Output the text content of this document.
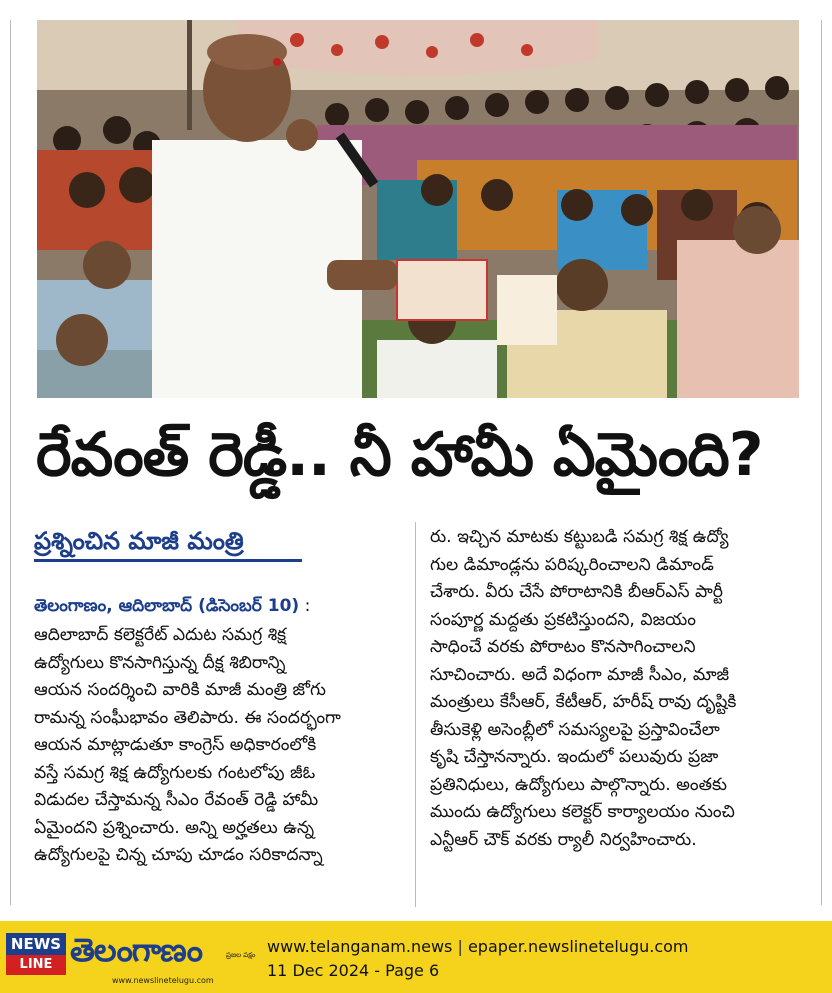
రేవంత్ రెడ్డీ.. నీ హామీ ఏమైంది?
ప్రశ్నించిన మాజీ మంత్రి
తెలంగాణం, ఆదిలాబాద్ (డిసెంబర్ 10) :

ఆదిలాబాద్ కలెక్టరేట్ ఎదుట సమగ్ర శిక్ష

ఉద్యోగులు కొనసాగిస్తున్న దీక్ష శిబిరాన్ని

ఆయన సందర్శించి వారికి మాజీ మంత్రి జోగు

రామన్న సంఘీభావం తెలిపారు. ఈ సందర్భంగా

ఆయన మాట్లాడుతూ కాంగ్రెస్ అధికారంలోకి

వస్తే సమగ్ర శిక్ష ఉద్యోగులకు గంటలోపు జీఓ

విడుదల చేస్తామన్న సీఎం రేవంత్ రెడ్డి హామీ

ఏమైందని ప్రశ్నించారు. అన్ని అర్హతలు ఉన్న

ఉద్యోగులపై చిన్న చూపు చూడం సరికాదన్నా

రు. ఇచ్చిన మాటకు కట్టుబడి సమగ్ర శిక్ష ఉద్యో

గుల డిమాండ్లను పరిష్కరించాలని డిమాండ్

చేశారు. వీరు చేసే పోరాటానికి బీఆర్ఎస్ పార్టీ

సంపూర్ణ మద్దతు ప్రకటిస్తుందని, విజయం

సాధించే వరకు పోరాటం కొనసాగించాలని

సూచించారు. అదే విధంగా మాజీ సీఎం, మాజీ

మంత్రులు కేసీఆర్, కేటీఆర్, హరీష్ రావు దృష్టికి

తీసుకెళ్లి అసెంబ్లీలో సమస్యలపై ప్రస్తావించేలా

కృషి చేస్తానన్నారు. ఇందులో పలువురు ప్రజా

ప్రతినిధులు, ఉద్యోగులు పాల్గొన్నారు. అంతకు

ముందు ఉద్యోగులు కలెక్టర్ కార్యాలయం నుంచి

ఎన్టీఆర్ చౌక్ వరకు ర్యాలీ నిర్వహించారు.

NEWS
LINE తెలంగాణం	ప్రజల పక్షం
www.newslinetelugu.com
www.telanganam.news | epaper.newslinetelugu.com
11 Dec 2024 - Page 6
